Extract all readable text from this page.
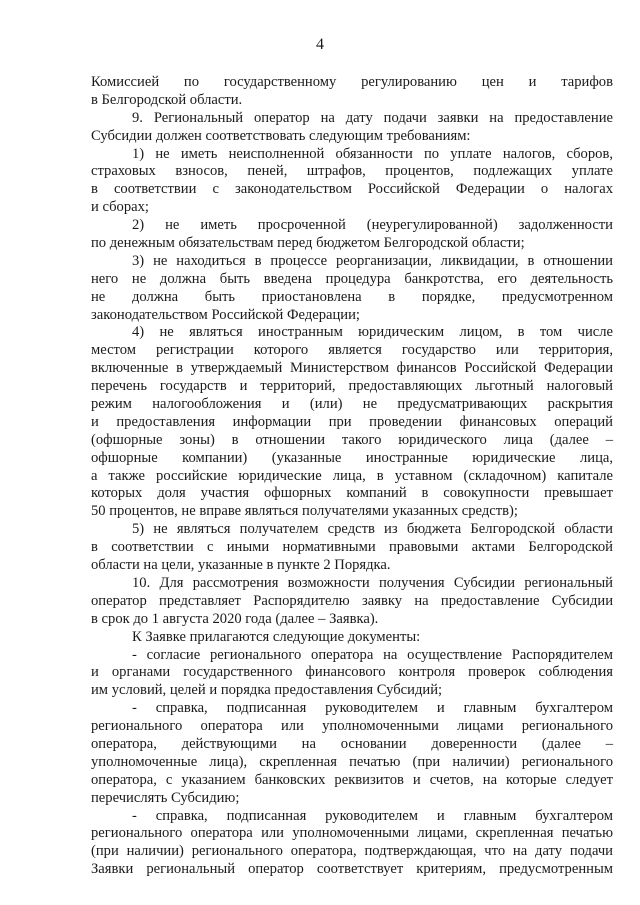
4
Комиссией по государственному регулированию цен и тарифов
в Белгородской области.
9. Региональный оператор на дату подачи заявки на предоставление
Субсидии должен соответствовать следующим требованиям:
1) не иметь неисполненной обязанности по уплате налогов, сборов,
страховых взносов, пеней, штрафов, процентов, подлежащих уплате
в соответствии с законодательством Российской Федерации о налогах
и сборах;
2) не иметь просроченной (неурегулированной) задолженности
по денежным обязательствам перед бюджетом Белгородской области;
3) не находиться в процессе реорганизации, ликвидации, в отношении
него не должна быть введена процедура банкротства, его деятельность
не должна быть приостановлена в порядке, предусмотренном
законодательством Российской Федерации;
4) не являться иностранным юридическим лицом, в том числе
местом регистрации которого является государство или территория,
включенные в утверждаемый Министерством финансов Российской Федерации
перечень государств и территорий, предоставляющих льготный налоговый
режим налогообложения и (или) не предусматривающих раскрытия
и предоставления информации при проведении финансовых операций
(офшорные зоны) в отношении такого юридического лица (далее –
офшорные компании) (указанные иностранные юридические лица,
а также российские юридические лица, в уставном (складочном) капитале
которых доля участия офшорных компаний в совокупности превышает
50 процентов, не вправе являться получателями указанных средств);
5) не являться получателем средств из бюджета Белгородской области
в соответствии с иными нормативными правовыми актами Белгородской
области на цели, указанные в пункте 2 Порядка.
10. Для рассмотрения возможности получения Субсидии региональный
оператор представляет Распорядителю заявку на предоставление Субсидии
в срок до 1 августа 2020 года (далее – Заявка).
К Заявке прилагаются следующие документы:
- согласие регионального оператора на осуществление Распорядителем
и органами государственного финансового контроля проверок соблюдения
им условий, целей и порядка предоставления Субсидий;
- справка, подписанная руководителем и главным бухгалтером
регионального оператора или уполномоченными лицами регионального
оператора, действующими на основании доверенности (далее –
уполномоченные лица), скрепленная печатью (при наличии) регионального
оператора, с указанием банковских реквизитов и счетов, на которые следует
перечислять Субсидию;
- справка, подписанная руководителем и главным бухгалтером
регионального оператора или уполномоченными лицами, скрепленная печатью
(при наличии) регионального оператора, подтверждающая, что на дату подачи
Заявки региональный оператор соответствует критериям, предусмотренным
